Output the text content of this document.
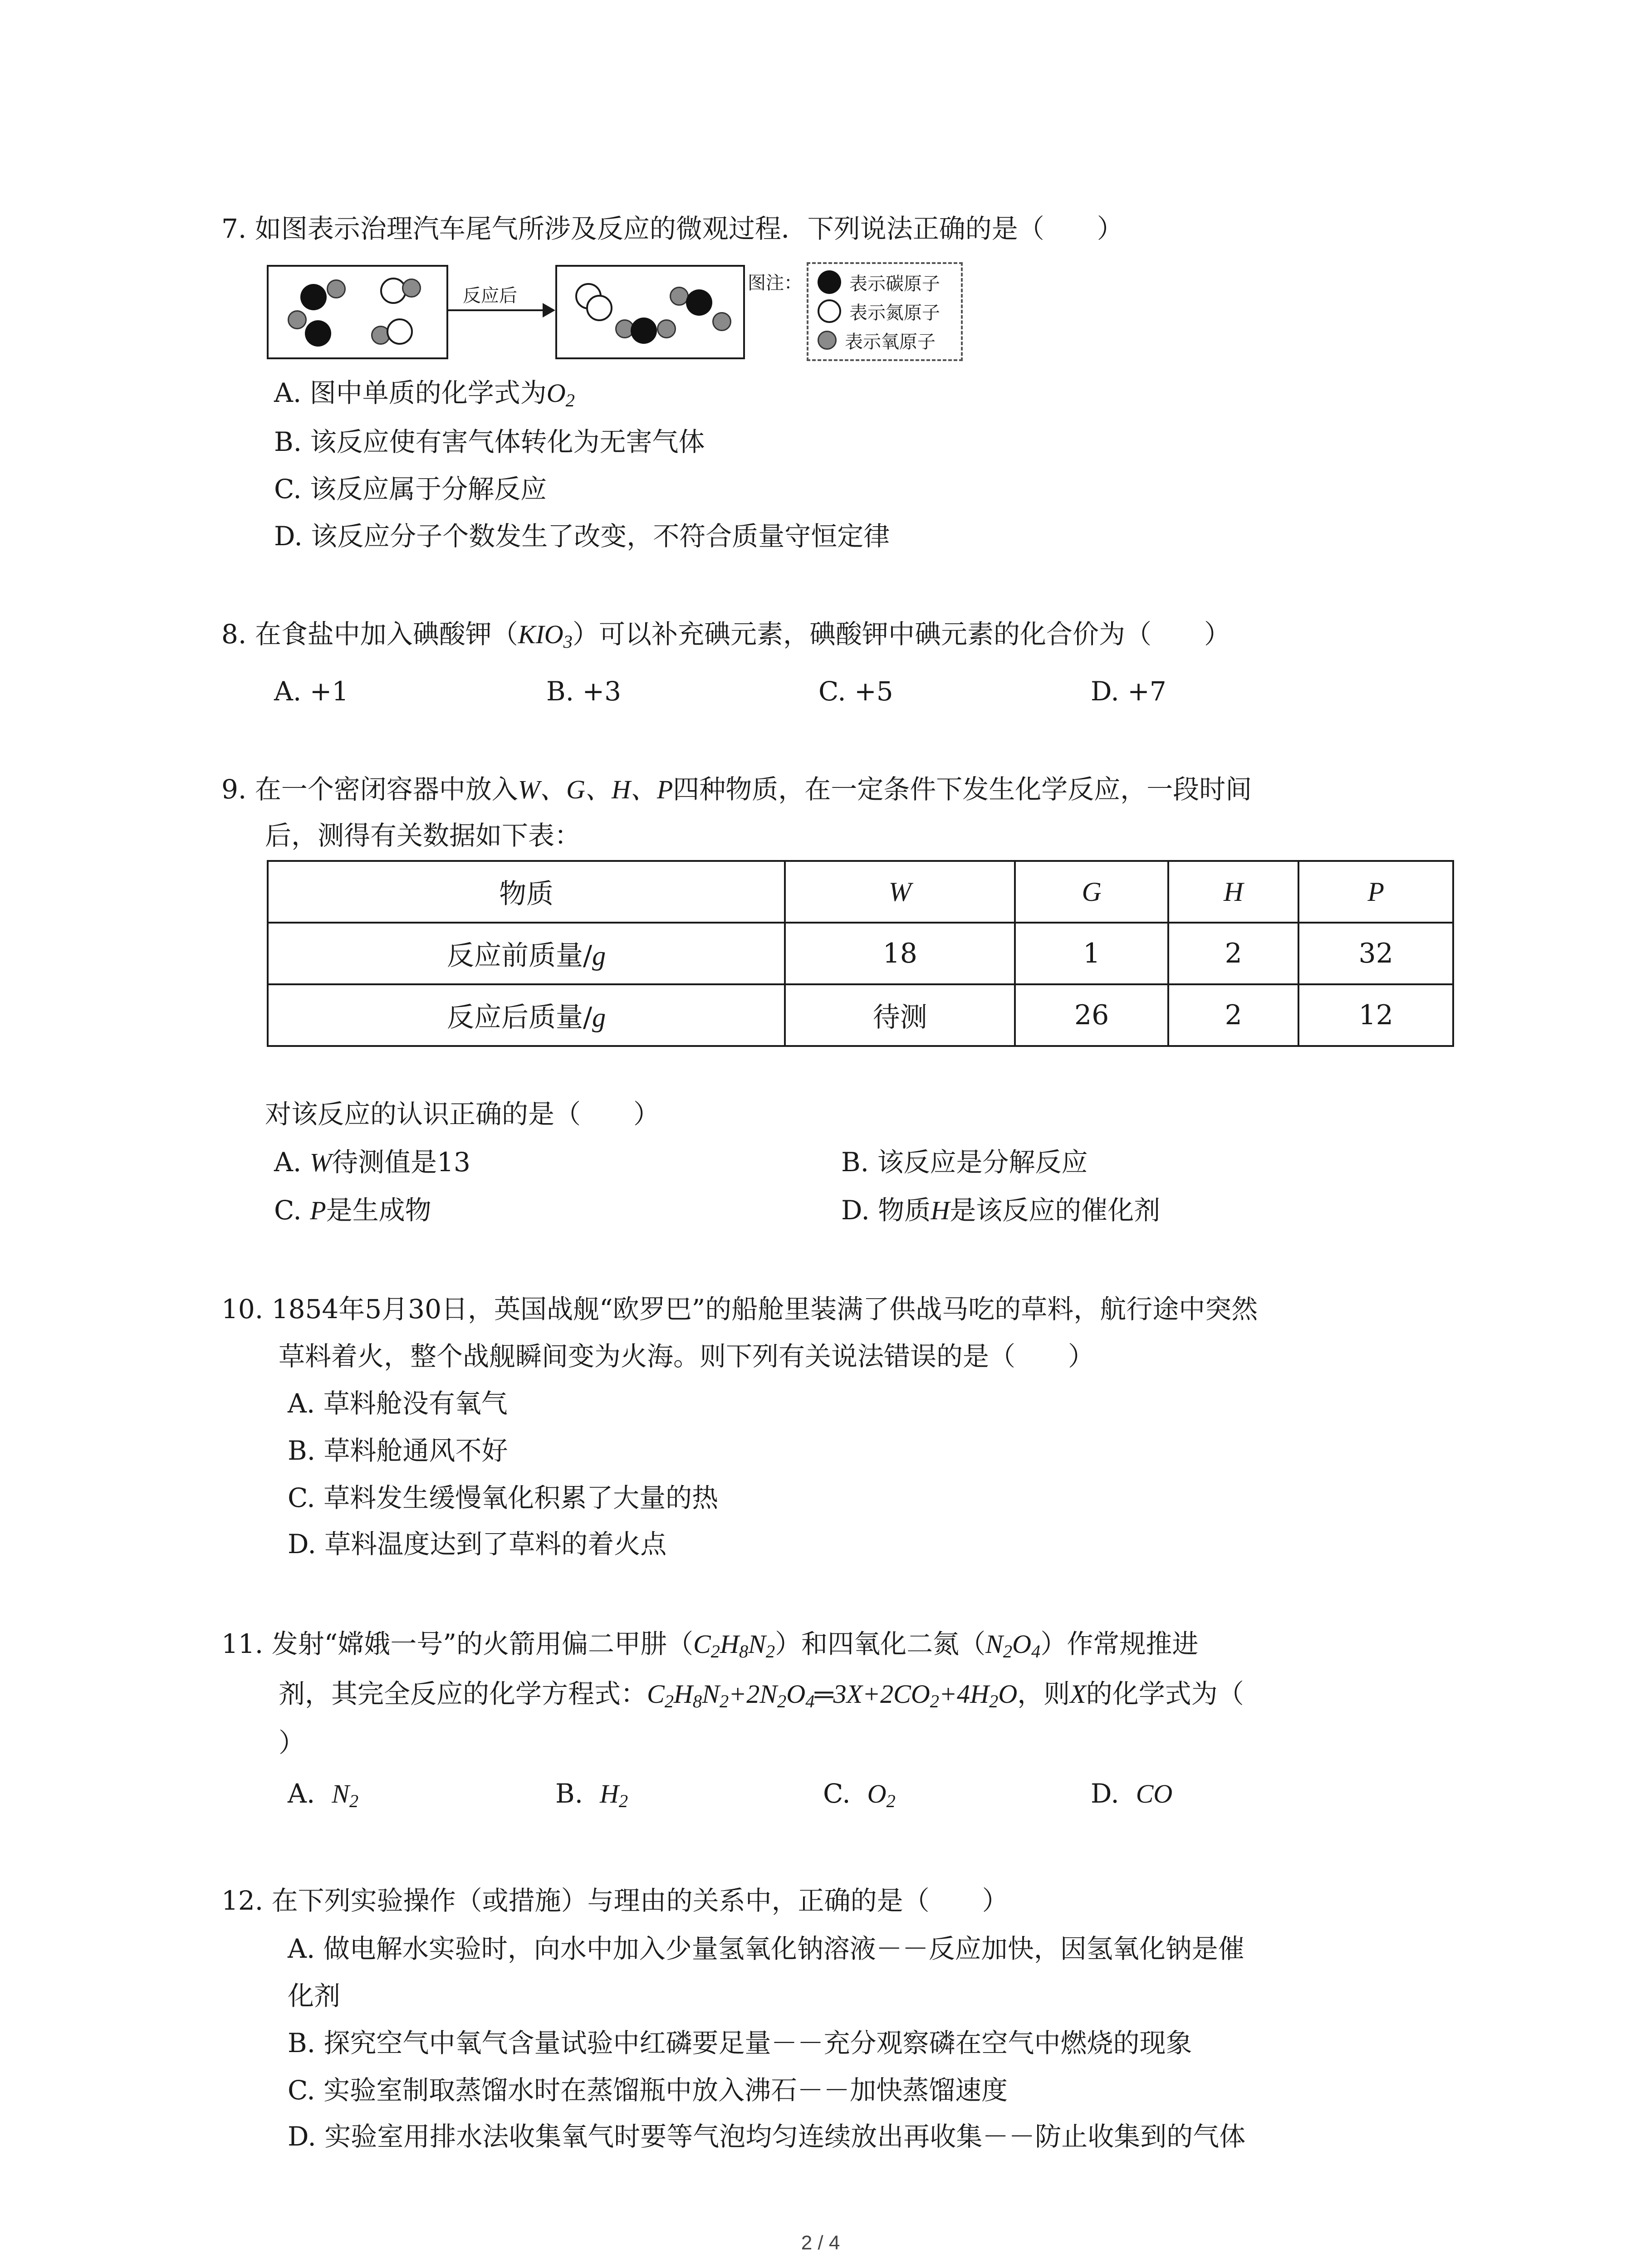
7. 如图表示治理汽车尾气所涉及反应的微观过程．下列说法正确的是（　　）
反应后
图注：	表示碳原子
表示氮原子
表示氧原子
A. 图中单质的化学式为$O_2$
B. 该反应使有害气体转化为无害气体
C. 该反应属于分解反应
D. 该反应分子个数发生了改变，不符合质量守恒定律
8. 在食盐中加入碘酸钾$(KIO_3)$可以补充碘元素，碘酸钾中碘元素的化合价为（　　）
A. +1	B. +3	C. +5	D. +7
9. 在一个密闭容器中放入W、G、H、P四种物质，在一定条件下发生化学反应，一段时间
后，测得有关数据如下表：
物质	W	G	H	P
反应前质量/g	18	1	2	32
反应后质量/g	待测	26	2	12
对该反应的认识正确的是（　　）
A. W待测值是13	B. 该反应是分解反应
C. P是生成物	D. 物质H是该反应的催化剂
10. 1854年5月30日，英国战舰“欧罗巴”的船舱里装满了供战马吃的草料，航行途中突然
草料着火，整个战舰瞬间变为火海。则下列有关说法错误的是（　　）
A. 草料舱没有氧气
B. 草料舱通风不好
C. 草料发生缓慢氧化积累了大量的热
D. 草料温度达到了草料的着火点
11. 发射“嫦娥一号”的火箭用偏二甲肼$(C_2H_8N_2)$和四氧化二氮$(N_2O_4)$作常规推进
剂，其完全反应的化学方程式：$C_2H_8N_2+2N_2O_4═3X+2CO_2+4H_2O$，则X的化学式为（
）
A.  $N_2$	B.  $H_2$	C.  $O_2$	D.  CO
12. 在下列实验操作（或措施）与理由的关系中，正确的是（　　）
A. 做电解水实验时，向水中加入少量氢氧化钠溶液－－反应加快，因氢氧化钠是催
化剂
B. 探究空气中氧气含量试验中红磷要足量－－充分观察磷在空气中燃烧的现象
C. 实验室制取蒸馏水时在蒸馏瓶中放入沸石－－加快蒸馏速度
D. 实验室用排水法收集氧气时要等气泡均匀连续放出再收集－－防止收集到的气体
2 / 4
